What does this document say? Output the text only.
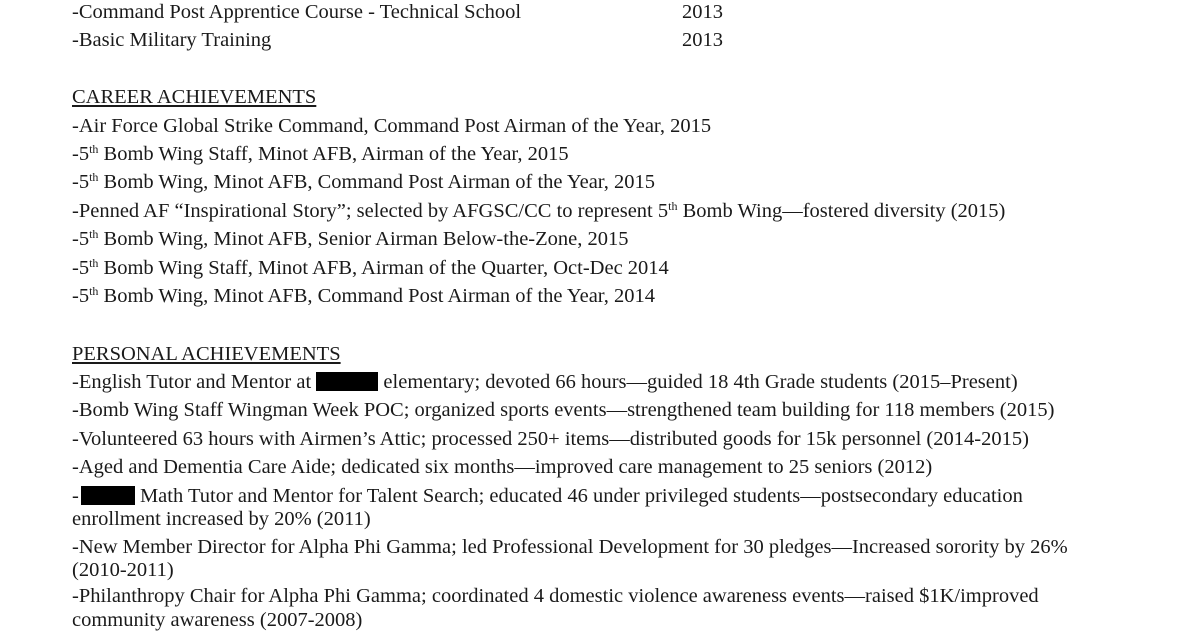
-Command Post Apprentice Course - Technical School	2013
-Basic Military Training	2013
CAREER ACHIEVEMENTS
-Air Force Global Strike Command, Command Post Airman of the Year, 2015
-5th Bomb Wing Staff, Minot AFB, Airman of the Year, 2015
-5th Bomb Wing, Minot AFB, Command Post Airman of the Year, 2015
-Penned AF “Inspirational Story”; selected by AFGSC/CC to represent 5th Bomb Wing—fostered diversity (2015)
-5th Bomb Wing, Minot AFB, Senior Airman Below-the-Zone, 2015
-5th Bomb Wing Staff, Minot AFB, Airman of the Quarter, Oct-Dec 2014
-5th Bomb Wing, Minot AFB, Command Post Airman of the Year, 2014
PERSONAL ACHIEVEMENTS
-English Tutor and Mentor at	elementary; devoted 66 hours—guided 18 4th Grade students (2015–Present)
-Bomb Wing Staff Wingman Week POC; organized sports events—strengthened team building for 118 members (2015)
-Volunteered 63 hours with Airmen’s Attic; processed 250+ items—distributed goods for 15k personnel (2014-2015)
-Aged and Dementia Care Aide; dedicated six months—improved care management to 25 seniors (2012)
-	Math Tutor and Mentor for Talent Search; educated 46 under privileged students—postsecondary education
enrollment increased by 20% (2011)
-New Member Director for Alpha Phi Gamma; led Professional Development for 30 pledges—Increased sorority by 26%
(2010-2011)
-Philanthropy Chair for Alpha Phi Gamma; coordinated 4 domestic violence awareness events—raised $1K/improved
community awareness (2007-2008)
